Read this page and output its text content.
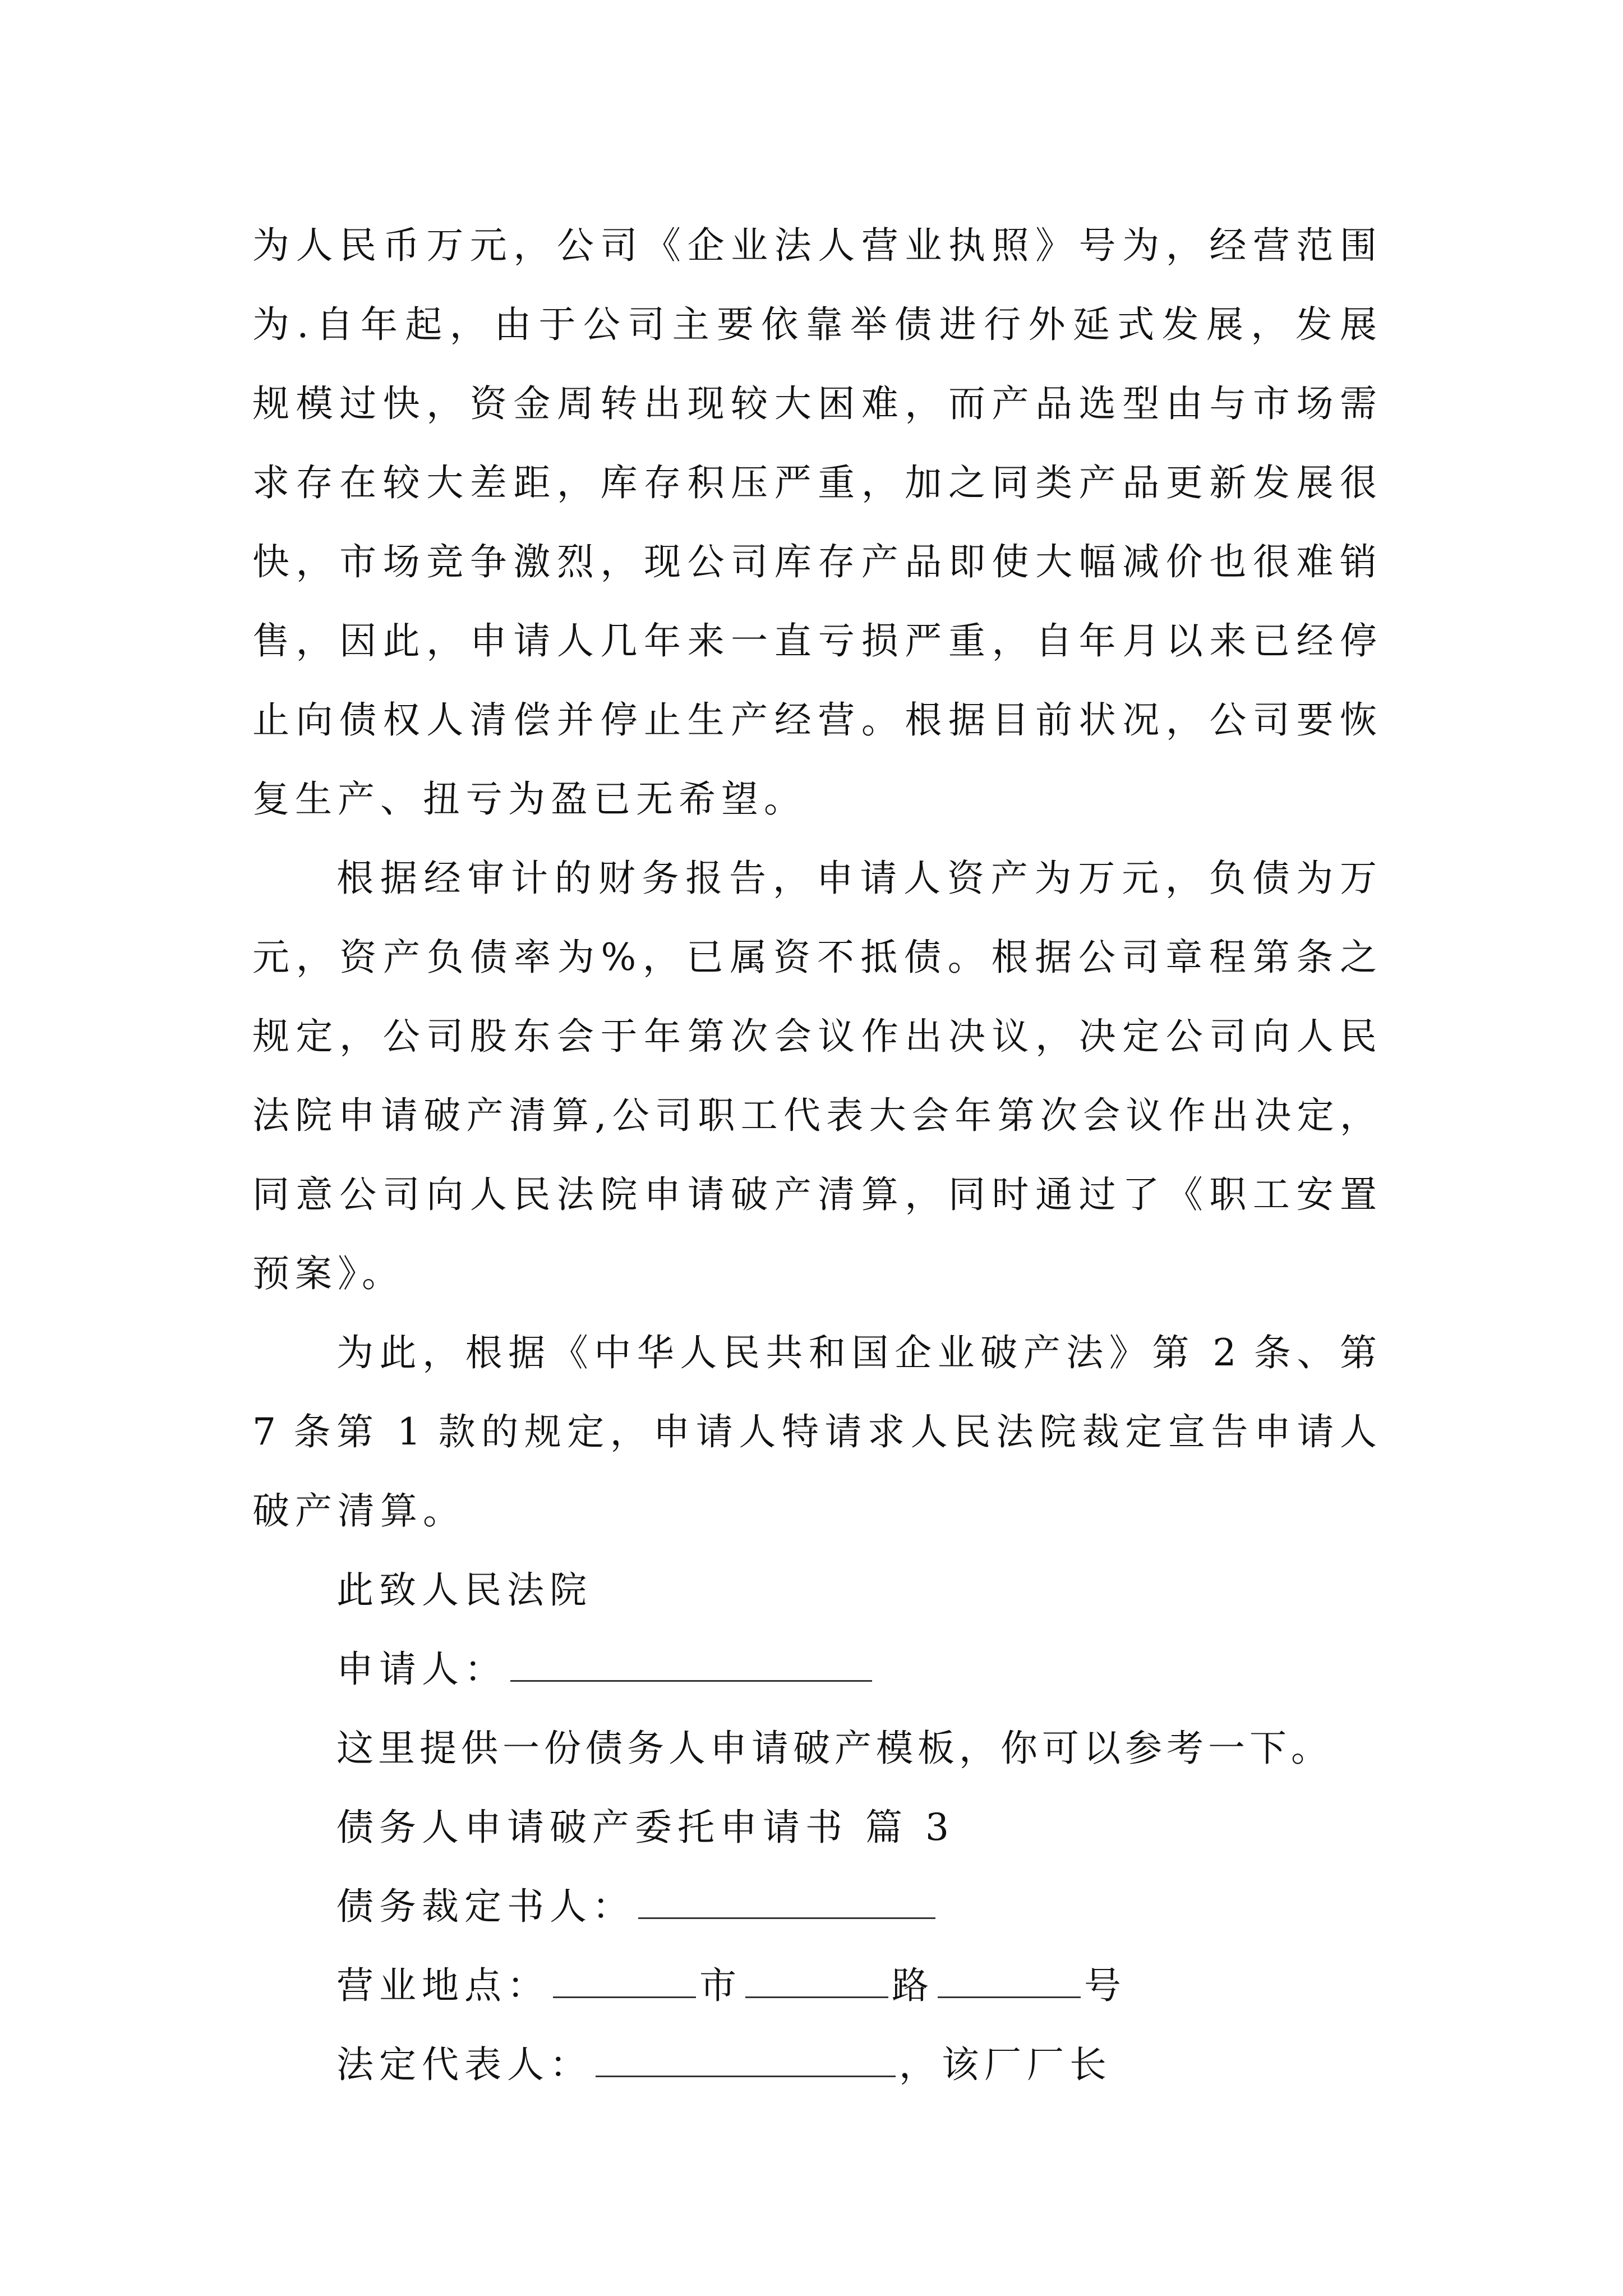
为人民币万元，公司《企业法人营业执照》号为，经营范围
为.自年起，由于公司主要依靠举债进行外延式发展，发展
规模过快，资金周转出现较大困难，而产品选型由与市场需
求存在较大差距，库存积压严重，加之同类产品更新发展很
快，市场竞争激烈，现公司库存产品即使大幅减价也很难销
售，因此，申请人几年来一直亏损严重，自年月以来已经停
止向债权人清偿并停止生产经营。根据目前状况，公司要恢
复生产、扭亏为盈已无希望。
根据经审计的财务报告，申请人资产为万元，负债为万
元，资产负债率为%，已属资不抵债。根据公司章程第条之
规定，公司股东会于年第次会议作出决议，决定公司向人民
法院申请破产清算,公司职工代表大会年第次会议作出决定，
同意公司向人民法院申请破产清算，同时通过了《职工安置
预案》。
为此，根据《中华人民共和国企业破产法》第 2 条、第
7 条第 1 款的规定，申请人特请求人民法院裁定宣告申请人
破产清算。
此致人民法院
申请人：
这里提供一份债务人申请破产模板，你可以参考一下。
债务人申请破产委托申请书 篇 3
债务裁定书人：
营业地点：	市	路	号
法定代表人：	，该厂厂长
